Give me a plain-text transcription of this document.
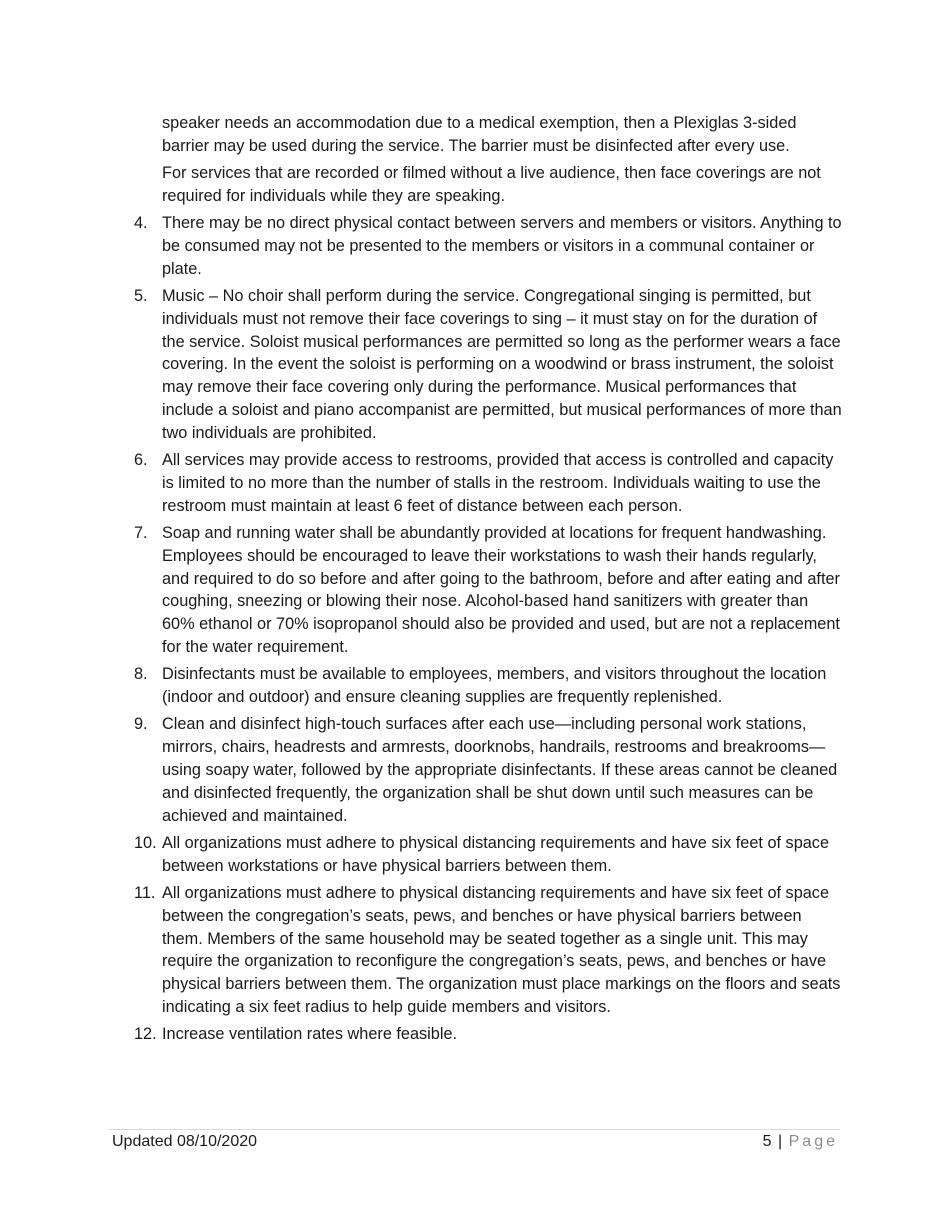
speaker needs an accommodation due to a medical exemption, then a Plexiglas 3-sided barrier may be used during the service. The barrier must be disinfected after every use.

For services that are recorded or filmed without a live audience, then face coverings are not required for individuals while they are speaking.

4. There may be no direct physical contact between servers and members or visitors. Anything to be consumed may not be presented to the members or visitors in a communal container or plate.
5. Music – No choir shall perform during the service. Congregational singing is permitted, but individuals must not remove their face coverings to sing – it must stay on for the duration of the service. Soloist musical performances are permitted so long as the performer wears a face covering. In the event the soloist is performing on a woodwind or brass instrument, the soloist may remove their face covering only during the performance. Musical performances that include a soloist and piano accompanist are permitted, but musical performances of more than two individuals are prohibited.
6. All services may provide access to restrooms, provided that access is controlled and capacity is limited to no more than the number of stalls in the restroom. Individuals waiting to use the restroom must maintain at least 6 feet of distance between each person.
7. Soap and running water shall be abundantly provided at locations for frequent handwashing. Employees should be encouraged to leave their workstations to wash their hands regularly, and required to do so before and after going to the bathroom, before and after eating and after coughing, sneezing or blowing their nose. Alcohol-based hand sanitizers with greater than 60% ethanol or 70% isopropanol should also be provided and used, but are not a replacement for the water requirement.
8. Disinfectants must be available to employees, members, and visitors throughout the location (indoor and outdoor) and ensure cleaning supplies are frequently replenished.
9. Clean and disinfect high-touch surfaces after each use—including personal work stations, mirrors, chairs, headrests and armrests, doorknobs, handrails, restrooms and breakrooms—using soapy water, followed by the appropriate disinfectants. If these areas cannot be cleaned and disinfected frequently, the organization shall be shut down until such measures can be achieved and maintained.
10. All organizations must adhere to physical distancing requirements and have six feet of space between workstations or have physical barriers between them.
11. All organizations must adhere to physical distancing requirements and have six feet of space between the congregation’s seats, pews, and benches or have physical barriers between them. Members of the same household may be seated together as a single unit. This may require the organization to reconfigure the congregation’s seats, pews, and benches or have physical barriers between them. The organization must place markings on the floors and seats indicating a six feet radius to help guide members and visitors.
12. Increase ventilation rates where feasible.
Updated 08/10/2020	5 | Page
